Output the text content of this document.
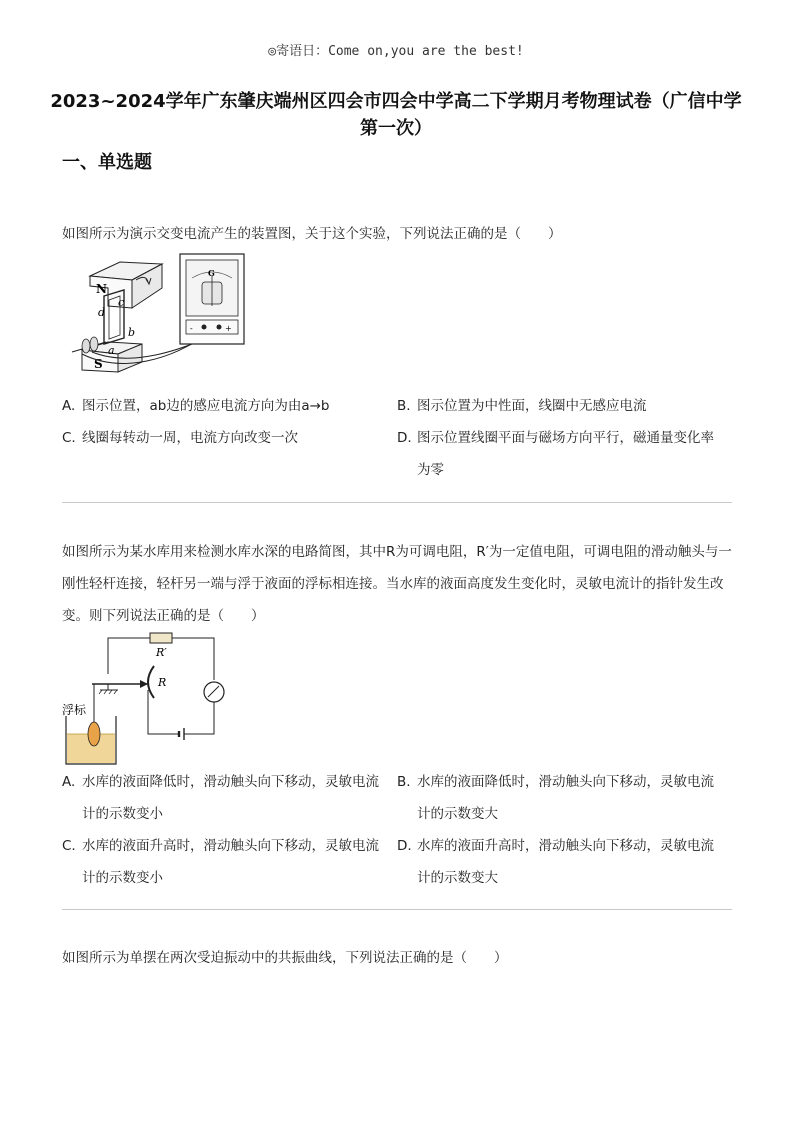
◎寄语日：Come on,you are the best!
2023~2024学年广东肇庆端州区四会市四会中学高二下学期月考物理试卷（广信中学第一次）
一、单选题
如图所示为演示交变电流产生的装置图，关于这个实验，下列说法正确的是（　　）
N
S
d
c
b
a
G
-	+
A. 图示位置，ab边的感应电流方向为由a→b	B. 图示位置为中性面，线圈中无感应电流
C. 线圈每转动一周，电流方向改变一次	D. 图示位置线圈平面与磁场方向平行，磁通量变化率
为零
如图所示为某水库用来检测水库水深的电路简图，其中R为可调电阻，R′为一定值电阻，可调电阻的滑动触头与一刚性轻杆连接，轻杆另一端与浮于液面的浮标相连接。当水库的液面高度发生变化时，灵敏电流计的指针发生改变。则下列说法正确的是（　　）
R′
R
浮标
A. 水库的液面降低时，滑动触头向下移动，灵敏电流
计的示数变小
B. 水库的液面降低时，滑动触头向下移动，灵敏电流
计的示数变大
C. 水库的液面升高时，滑动触头向下移动，灵敏电流
计的示数变小
D. 水库的液面升高时，滑动触头向下移动，灵敏电流
计的示数变大
如图所示为单摆在两次受迫振动中的共振曲线，下列说法正确的是（　　）
